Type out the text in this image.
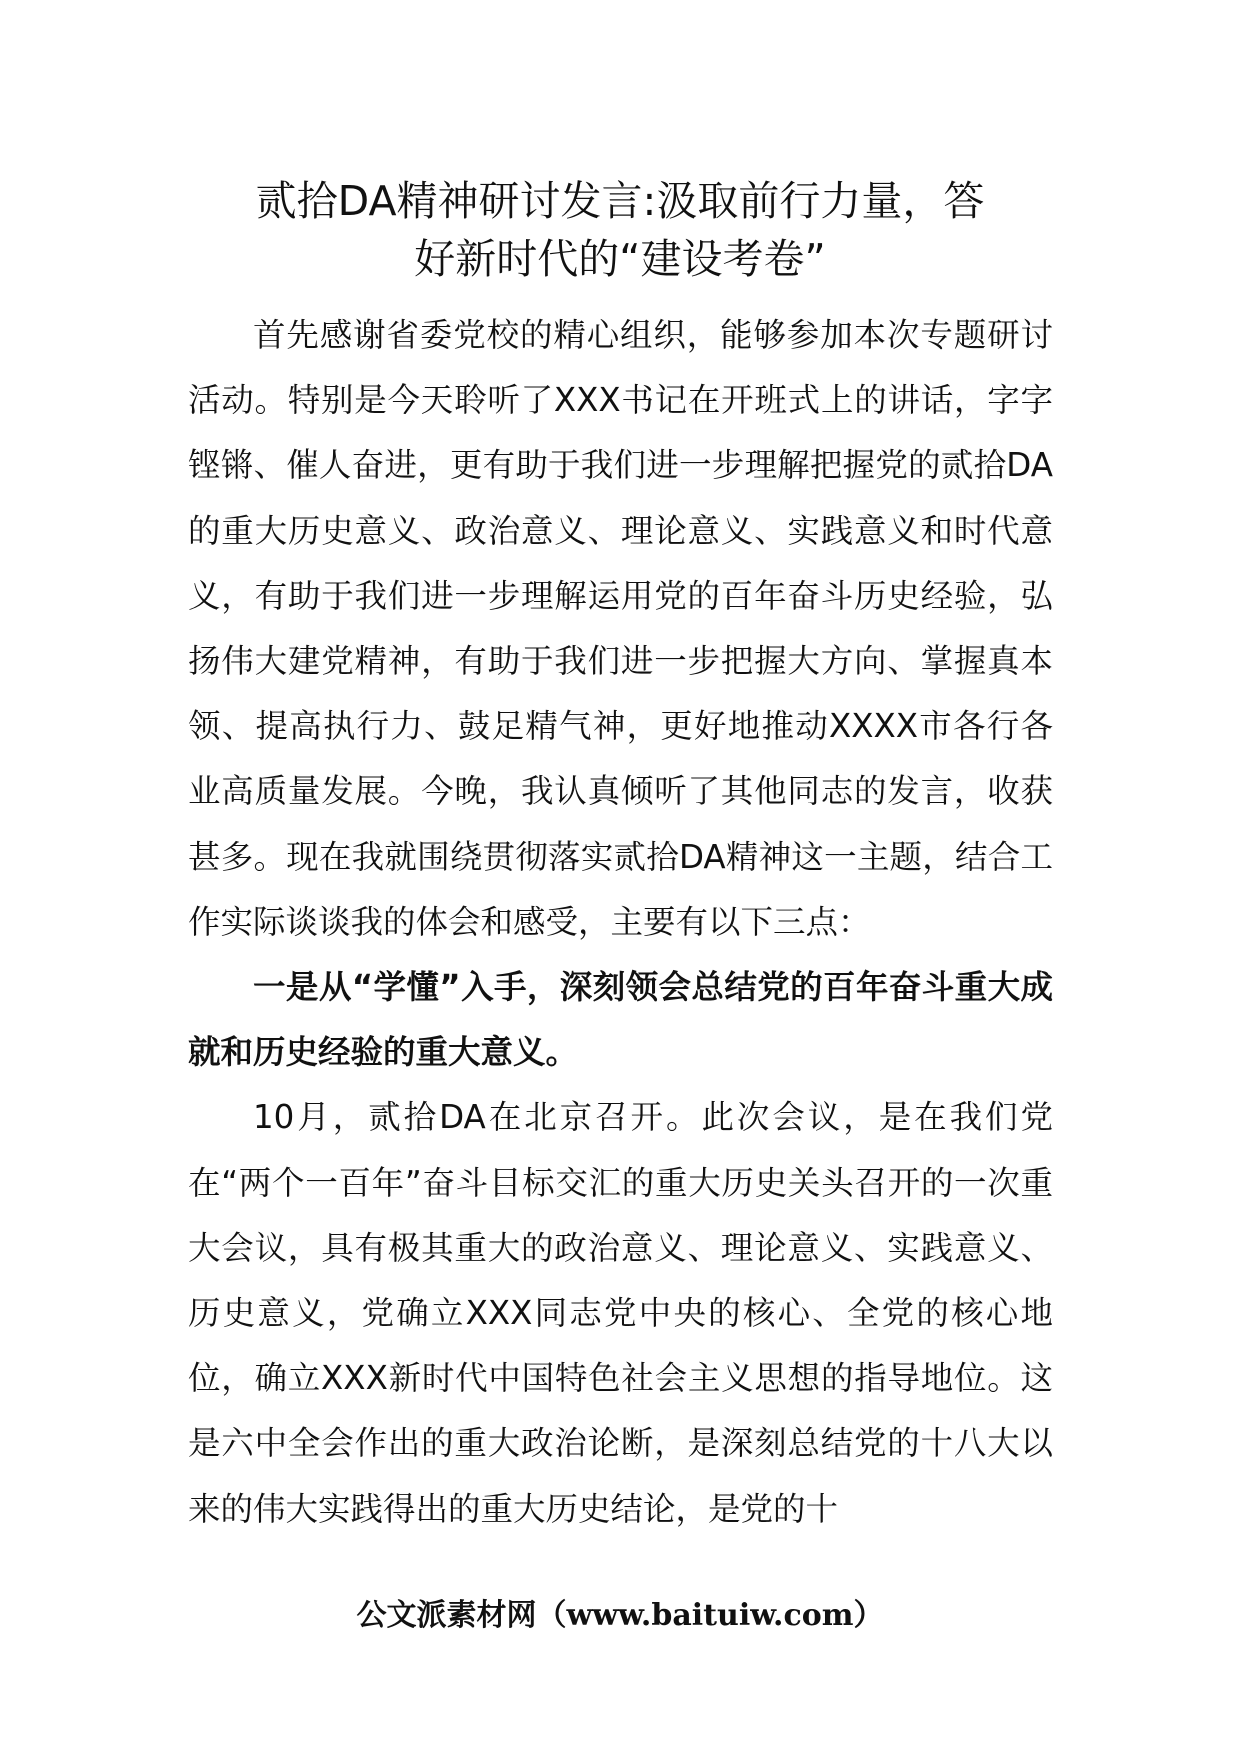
贰拾DA精神研讨发言:汲取前行力量，答
好新时代的“建设考卷”

首先感谢省委党校的精心组织，能够参加本次专题研讨活动。特别是今天聆听了XXX书记在开班式上的讲话，字字铿锵、催人奋进，更有助于我们进一步理解把握党的贰拾DA的重大历史意义、政治意义、理论意义、实践意义和时代意义，有助于我们进一步理解运用党的百年奋斗历史经验，弘扬伟大建党精神，有助于我们进一步把握大方向、掌握真本领、提高执行力、鼓足精气神，更好地推动XXXX市各行各业高质量发展。今晚，我认真倾听了其他同志的发言，收获甚多。现在我就围绕贯彻落实贰拾DA精神这一主题，结合工作实际谈谈我的体会和感受，主要有以下三点：

一是从“学懂”入手，深刻领会总结党的百年奋斗重大成就和历史经验的重大意义。

10月，贰拾DA在北京召开。此次会议，是在我们党在“两个一百年”奋斗目标交汇的重大历史关头召开的一次重大会议，具有极其重大的政治意义、理论意义、实践意义、历史意义，党确立XXX同志党中央的核心、全党的核心地位，确立XXX新时代中国特色社会主义思想的指导地位。这是六中全会作出的重大政治论断，是深刻总结党的十八大以来的伟大实践得出的重大历史结论，是党的十

公文派素材网（www.baituiw.com）
